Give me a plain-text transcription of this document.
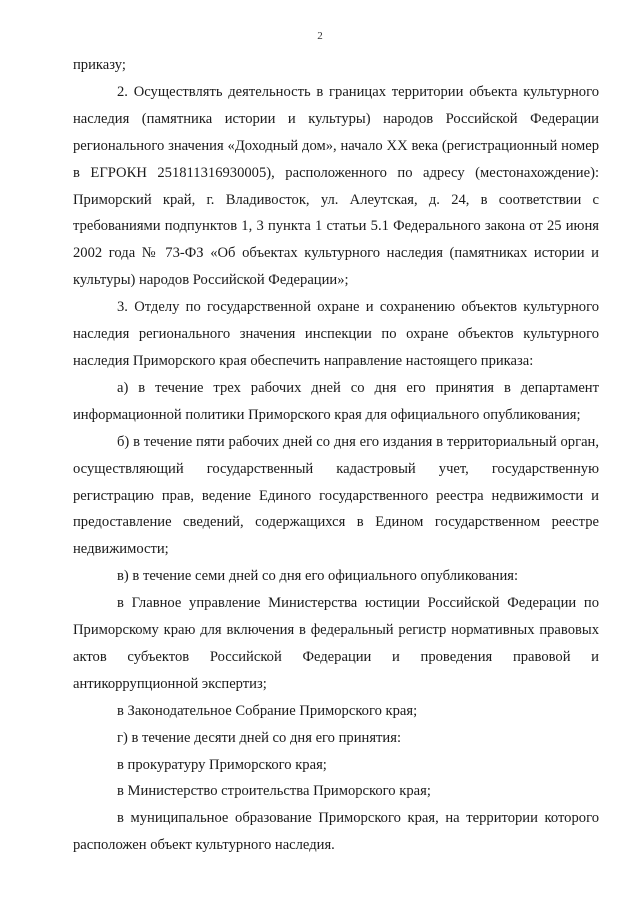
2

приказу;

2. Осуществлять деятельность в границах территории объекта культурного наследия (памятника истории и культуры) народов Российской Федерации регионального значения «Доходный дом», начало XX века (регистрационный номер в ЕГРОКН 251811316930005), расположенного по адресу (местонахождение): Приморский край, г. Владивосток, ул. Алеутская, д. 24, в соответствии с требованиями подпунктов 1, 3 пункта 1 статьи 5.1 Федерального закона от 25 июня 2002 года № 73-ФЗ «Об объектах культурного наследия (памятниках истории и культуры) народов Российской Федерации»;

3. Отделу по государственной охране и сохранению объектов культурного наследия регионального значения инспекции по охране объектов культурного наследия Приморского края обеспечить направление настоящего приказа:

а) в течение трех рабочих дней со дня его принятия в департамент информационной политики Приморского края для официального опубликования;

б) в течение пяти рабочих дней со дня его издания в территориальный орган, осуществляющий государственный кадастровый учет, государственную регистрацию прав, ведение Единого государственного реестра недвижимости и предоставление сведений, содержащихся в Едином государственном реестре недвижимости;

в) в течение семи дней со дня его официального опубликования:

в Главное управление Министерства юстиции Российской Федерации по Приморскому краю для включения в федеральный регистр нормативных правовых актов субъектов Российской Федерации и проведения правовой и антикоррупционной экспертиз;

в Законодательное Собрание Приморского края;

г) в течение десяти дней со дня его принятия:

в прокуратуру Приморского края;

в Министерство строительства Приморского края;

в муниципальное образование Приморского края, на территории которого расположен объект культурного наследия.
